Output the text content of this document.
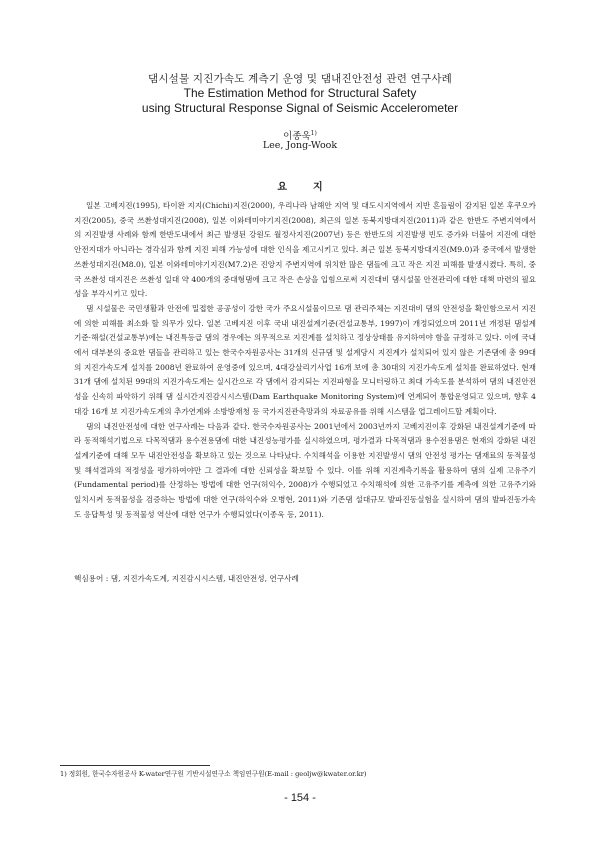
댐시설물 지진가속도 계측기 운영 및 댐내진안전성 관련 연구사례
The Estimation Method for Structural Safety
using Structural Response Signal of Seismic Accelerometer
이종욱$^{1)}$
Lee, Jong-Wook
요지

일본 고베지진(1995), 타이완 지지(Chichi)지진(2000), 우리나라 남해안 지역 및 대도시지역에서 지반 흔들림이 감지된 일본 후쿠오카지진(2005), 중국 쓰촨성대지진(2008), 일본 이와테미야기지진(2008), 최근의 일본 동북지방대지진(2011)과 같은 한반도 주변지역에서의 지진발생 사례와 함께 한반도내에서 최근 발생된 강원도 월정사지진(2007년) 등은 한반도의 지진발생 빈도 증가와 더불어 지진에 대한 안전지대가 아니라는 경각심과 함께 지진 피해 가능성에 대한 인식을 제고시키고 있다. 최근 일본 동북지방대지진(M9.0)과 중국에서 발생한 쓰촨성대지진(M8.0), 일본 이와테미야기지진(M7.2)은 진앙지 주변지역에 위치한 많은 댐들에 크고 작은 지진 피해를 발생시켰다. 특히, 중국 쓰촨성 대지진은 쓰촨성 일대 약 400개의 중대형댐에 크고 작은 손상을 입힘으로써 지진대비 댐시설물 안전관리에 대한 대책 마련의 필요성을 부각시키고 있다.

댐 시설물은 국민생활과 안전에 밀접한 공공성이 강한 국가 주요시설물이므로 댐 관리주체는 지진대비 댐의 안전성을 확인함으로서 지진에 의한 피해를 최소화 할 의무가 있다. 일본 고베지진 이후 국내 내진설계기준(건설교통부, 1997)이 개정되었으며 2011년 개정된 댐설계기준·해설(건설교통부)에는 내진특등급 댐의 경우에는 의무적으로 지진계를 설치하고 정상상태를 유지하여야 함을 규정하고 있다. 이에 국내에서 대부분의 중요한 댐들을 관리하고 있는 한국수자원공사는 31개의 신규댐 및 설계당시 지진계가 설치되어 있지 않은 기존댐에 총 99대의 지진가속도계 설치를 2008년 완료하여 운영중에 있으며, 4대강살리기사업 16개 보에 총 30대의 지진가속도계 설치를 완료하였다. 현재 31개 댐에 설치된 99대의 지진가속도계는 실시간으로 각 댐에서 감지되는 지진파형을 모니터링하고 최대 가속도를 분석하여 댐의 내진안전성을 신속히 파악하기 위해 댐 실시간지진감시시스템(Dam Earthquake Monitoring System)에 연계되어 통합운영되고 있으며, 향후 4대강 16개 보 지진가속도계의 추가연계와 소방방재청 등 국가지진관측망과의 자료공유를 위해 시스템을 업그레이드할 계획이다.

댐의 내진안전성에 대한 연구사례는 다음과 같다. 한국수자원공사는 2001년에서 2003년까지 고베지진이후 강화된 내진설계기준에 따라 동적해석기법으로 다목적댐과 용수전용댐에 대한 내진성능평가를 실시하였으며, 평가결과 다목적댐과 용수전용댐은 현재의 강화된 내진설계기준에 대해 모두 내진안전성을 확보하고 있는 것으로 나타났다. 수치해석을 이용한 지진발생시 댐의 안전성 평가는 댐재료의 동적물성 및 해석결과의 적정성을 평가하여야만 그 결과에 대한 신뢰성을 확보할 수 있다. 이를 위해 지진계측기록을 활용하여 댐의 실제 고유주기(Fundamental period)를 산정하는 방법에 대한 연구(허익수, 2008)가 수행되었고 수치해석에 의한 고유주기를 계측에 의한 고유주기와 일치시켜 동적물성을 검증하는 방법에 대한 연구(하익수와 오병현, 2011)와 기존댐 설대규모 발파진동실험을 실시하여 댐의 발파진동가속도 응답특성 및 동적물성 역산에 대한 연구가 수행되었다(이종욱 등, 2011).

핵심용어 : 댐, 지진가속도계, 지진감시시스템, 내진안전성, 연구사례
1) 정회원, 한국수자원공사 K-water연구원 기반시설연구소 책임연구원(E-mail : geoljw@kwater.or.kr)
- 154 -
